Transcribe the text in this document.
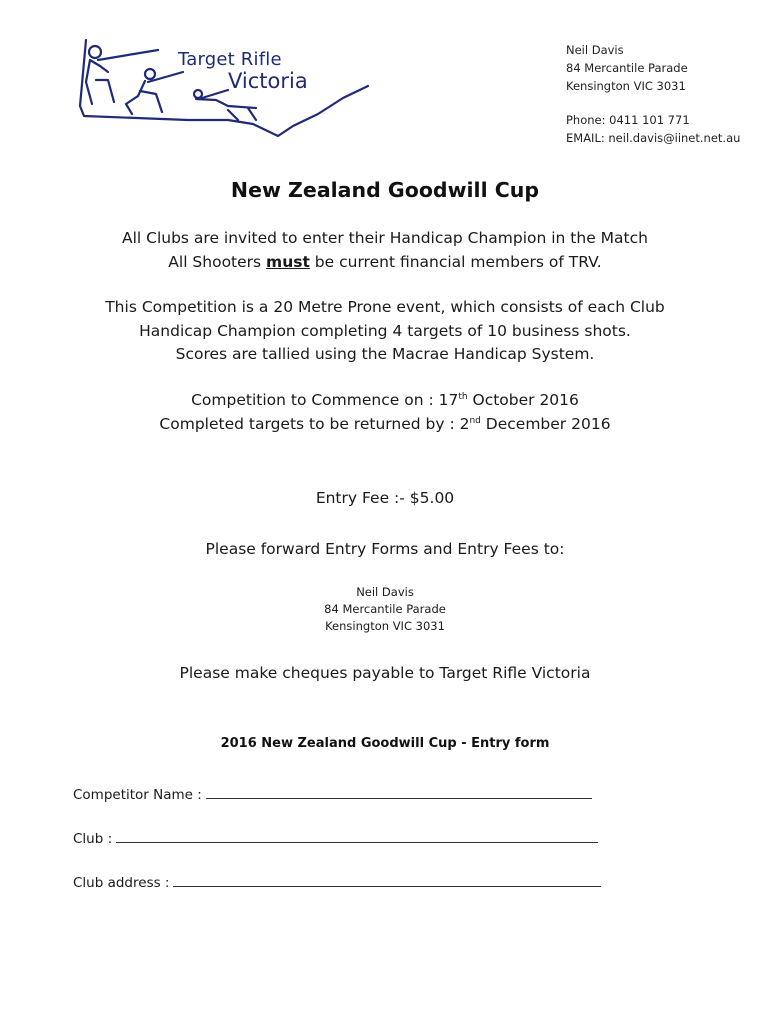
Target Rifle
Victoria
Neil Davis
84 Mercantile Parade
Kensington VIC 3031
Phone: 0411 101 771
EMAIL: neil.davis@iinet.net.au
New Zealand Goodwill Cup
All Clubs are invited to enter their Handicap Champion in the Match
All Shooters must be current financial members of TRV.
This Competition is a 20 Metre Prone event, which consists of each Club
Handicap Champion completing 4 targets of 10 business shots.
Scores are tallied using the Macrae Handicap System.
Competition to Commence on : 17th October 2016
Completed targets to be returned by : 2nd December 2016
Entry Fee :- $5.00
Please forward Entry Forms and Entry Fees to:
Neil Davis
84 Mercantile Parade
Kensington VIC 3031
Please make cheques payable to Target Rifle Victoria
2016 New Zealand Goodwill Cup - Entry form
Competitor Name :
Club :
Club address :
